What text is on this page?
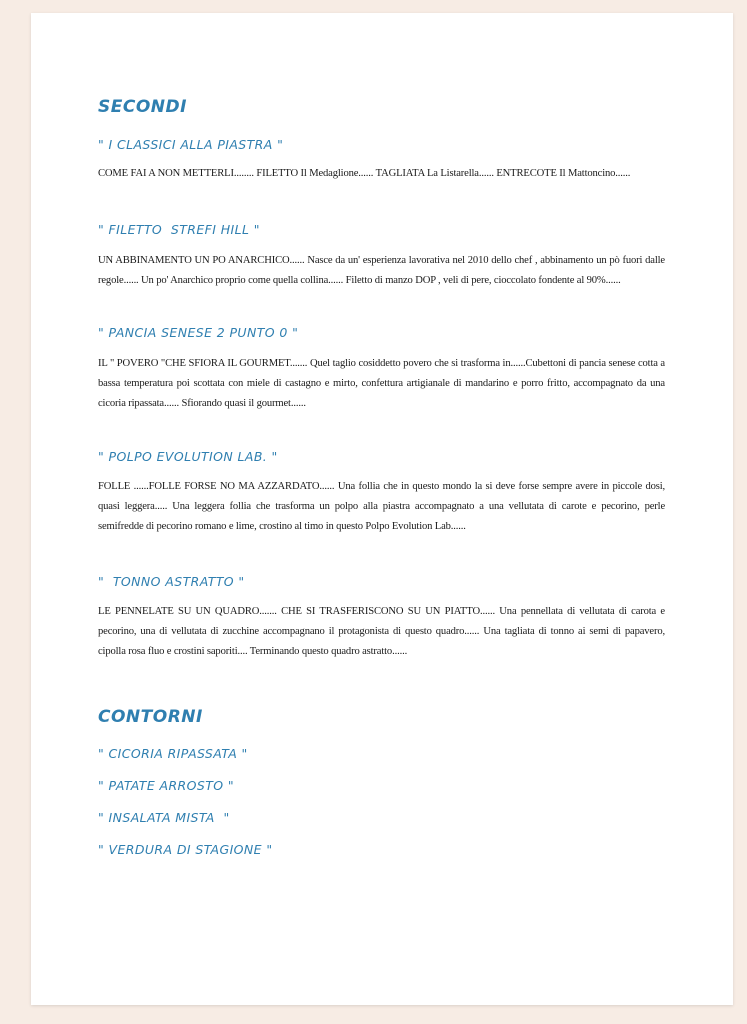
SECONDI
" I CLASSICI ALLA PIASTRA "

COME FAI A NON METTERLI........ FILETTO Il Medaglione...... TAGLIATA La Listarella...... ENTRECOTE Il Mattoncino......

" FILETTO  STREFI HILL "

UN ABBINAMENTO UN PO ANARCHICO...... Nasce da un' esperienza lavorativa nel 2010 dello chef , abbinamento un pò fuori dalle regole...... Un po' Anarchico proprio come quella collina...... Filetto di manzo DOP , veli di pere, cioccolato fondente al 90%......

" PANCIA SENESE 2 PUNTO 0 "

IL " POVERO "CHE SFIORA IL GOURMET....... Quel taglio cosiddetto povero che si trasforma in......Cubettoni di pancia senese cotta a bassa temperatura poi scottata con miele di castagno e mirto, confettura artigianale di mandarino e porro fritto, accompagnato da una cicoria ripassata...... Sfiorando quasi il gourmet......

" POLPO EVOLUTION LAB. "

FOLLE ......FOLLE FORSE NO MA AZZARDATO...... Una follia che in questo mondo la si deve forse sempre avere in piccole dosi, quasi leggera..... Una leggera follia che trasforma un polpo alla piastra accompagnato a una vellutata di carote e pecorino, perle semifredde di pecorino romano e lime, crostino al timo in questo Polpo Evolution Lab......

"  TONNO ASTRATTO "

LE PENNELATE SU UN QUADRO....... CHE SI TRASFERISCONO SU UN PIATTO...... Una pennellata di vellutata di carota e pecorino, una di vellutata di zucchine accompagnano il protagonista di questo quadro...... Una tagliata di tonno ai semi di papavero, cipolla rosa fluo e crostini saporiti.... Terminando questo quadro astratto......

CONTORNI
" CICORIA RIPASSATA "
" PATATE ARROSTO "
" INSALATA MISTA  "
" VERDURA DI STAGIONE "
